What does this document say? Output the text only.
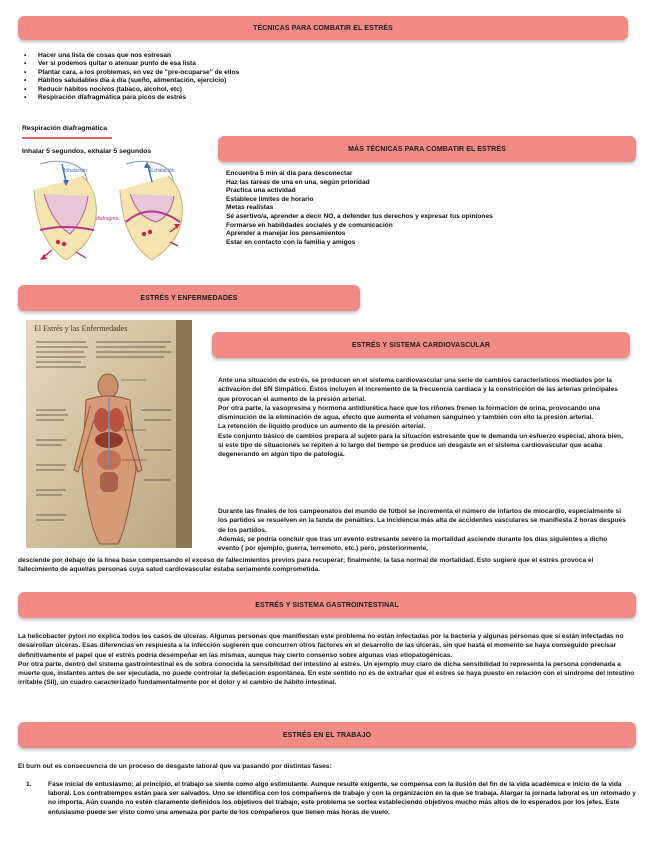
TÉCNICAS PARA COMBATIR EL ESTRÉS
• Hacer una lista de cosas que nos estresan
• Ver si podemos quitar o atenuar punto de esa lista
• Plantar cara, a los problemas, en vez de "pre-ocuparse" de ellos
• Hábitos saludables día a día (sueño, alimentación, ejercicio)
• Reducir hábitos nocivos (tabaco, alcohol, etc)
• Respiración diafragmática para picos de estrés
Respiración diafragmática
Inhalar 5 segundos, exhalar 5 segundos
Inhalación	Exhalación
diafragma
MÁS TÉCNICAS PARA COMBATIR EL ESTRÉS
Encuentra 5 min al día para desconectar
Haz las tareas de una en una, según prioridad
Practica una actividad
Establece límites de horario
Metas realistas
Sé asertivo/a, aprender a decir NO, a defender tus derechos y expresar tus opiniones
Formarse en habilidades sociales y de comunicación
Aprender a manejar los pensamientos
Estar en contacto con la familia y amigos
ESTRÉS Y ENFERMEDADES
El Estrés y las Enfermedades
ESTRÉS Y SISTEMA CARDIOVASCULAR

Ante una situación de estrés, se producen en el sistema cardiovascular una serie de cambios característicos mediados por la activación del SN Simpático. Éstos incluyen el incremento de la frecuencia cardíaca y la constricción de las arterias principales que provocan el aumento de la presión arterial.

Por otra parte, la vasopresina y hormona antidiurética hace que los riñones frenen la formación de orina, provocando una disminución de la eliminación de agua, efecto que aumenta el volumen sanguíneo y también con ello la presión arterial.

La retención de líquido produce un aumento de la presión arterial.

Este conjunto básico de cambios prepara al sujeto para la situación estresante que le demanda un esfuerzo especial, ahora bien, si este tipo de situaciones se repiten a lo largo del tiempo se produce un desgaste en el sistema cardiovascular que acaba degenerando en algún tipo de patología.

Durante las finales de los campeonatos del mundo de fútbol se incrementa el número de infartos de miocardio, especialmente si los partidos se resuelven en la tanda de penalties. La incidencia más alta de accidentes vasculares se manifiesta 2 horas después de los partidos.

Además, se podría concluir que tras un evento estresante severo la mortalidad asciende durante los días siguientes a dicho evento ( por ejemplo, guerra, terremoto, etc.) pero, posteriormente,

desciende por debajo de la línea base compensando el exceso de fallecimientos previos para recuperar; finalmente, la tasa normal de mortalidad. Esto sugiere que el estrés provoca el fallecimiento de aquellas personas cuya salud cardiovascular estaba seriamente comprometida.
ESTRÉS Y SISTEMA GASTROINTESTINAL

La helicobacter pylori no explica todos los casos de úlceras. Algunas personas que manifiestan este problema no están infectadas por la bacteria y algunas personas que sí están infectadas no desarrollan úlceras. Esas diferencias en respuesta a la infección sugieren que concurren otros factores en el desarrollo de las úlceras, sin que hasta el momento se haya conseguido precisar definitivamente el papel que el estrés podría desempeñar en las mismas, aunque hay cierto consenso sobre algunas vías etiopatogénicas.

Por otra parte, dentro del sistema gastrointestinal es de sobra conocida la sensibilidad del intestino al estrés. Un ejemplo muy claro de dicha sensibilidad lo representa la persona condenada a muerte que, instantes antes de ser ejecutada, no puede controlar la defecación espontánea. En este sentido no es de extrañar que el estrés se haya puesto en relación con el síndrome del intestino irritable (SII), un cuadro caracterizado fundamentalmente por el dolor y el cambio de hábito intestinal.

ESTRÉS EN EL TRABAJO
El burn out es consecuencia de un proceso de desgaste laboral que va pasando por distintas fases:
1.	Fase inicial de entusiasmo: al principio, el trabajo se siente como algo estimulante. Aunque resulte exigente, se compensa con la ilusión del fin de la vida académica e inicio de la vida laboral. Los contratiempos están para ser salvados. Uno se identifica con los compañeros de trabajo y con la organización en la que se trabaja. Alargar la jornada laboral es un retomado y no importa. Aún cuando no estén claramente definidos los objetivos del trabajo, este problema se sortea estableciendo objetivos mucho más altos de lo esperados por los jefes. Este entusiasmo puede ser visto como una amenaza por parte de los compañeros que tienen más horas de vuelo.
